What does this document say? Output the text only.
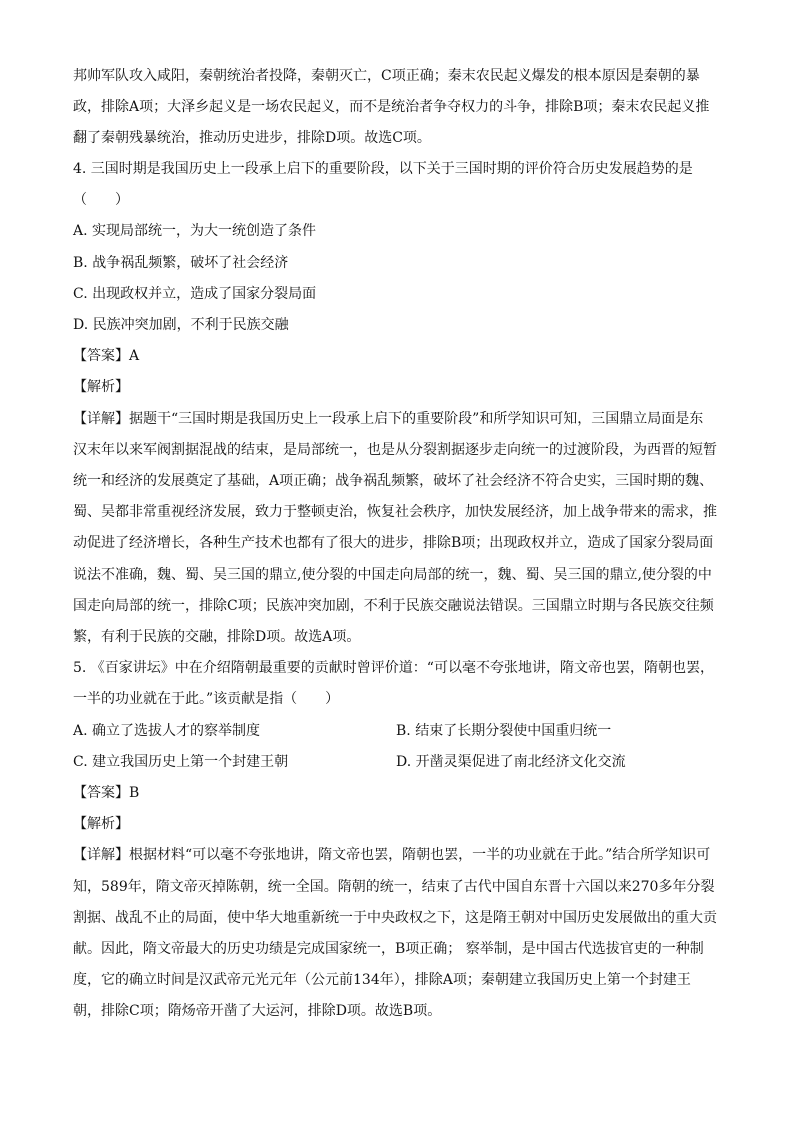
邦帅军队攻入咸阳，秦朝统治者投降，秦朝灭亡，C项正确；秦末农民起义爆发的根本原因是秦朝的暴
政，排除A项；大泽乡起义是一场农民起义，而不是统治者争夺权力的斗争，排除B项；秦末农民起义推
翻了秦朝残暴统治，推动历史进步，排除D项。故选C项。
4. 三国时期是我国历史上一段承上启下的重要阶段，以下关于三国时期的评价符合历史发展趋势的是
（　　）
A. 实现局部统一，为大一统创造了条件
B. 战争祸乱频繁，破坏了社会经济
C. 出现政权并立，造成了国家分裂局面
D. 民族冲突加剧，不利于民族交融
【答案】A
【解析】
【详解】据题干“三国时期是我国历史上一段承上启下的重要阶段”和所学知识可知，三国鼎立局面是东
汉末年以来军阀割据混战的结束，是局部统一，也是从分裂割据逐步走向统一的过渡阶段，为西晋的短暂
统一和经济的发展奠定了基础，A项正确；战争祸乱频繁，破坏了社会经济不符合史实，三国时期的魏、
蜀、吴都非常重视经济发展，致力于整顿吏治，恢复社会秩序，加快发展经济，加上战争带来的需求，推
动促进了经济增长，各种生产技术也都有了很大的进步，排除B项；出现政权并立，造成了国家分裂局面
说法不准确，魏、蜀、吴三国的鼎立,使分裂的中国走向局部的统一，魏、蜀、吴三国的鼎立,使分裂的中
国走向局部的统一，排除C项；民族冲突加剧，不利于民族交融说法错误。三国鼎立时期与各民族交往频
繁，有利于民族的交融，排除D项。故选A项。
5. 《百家讲坛》中在介绍隋朝最重要的贡献时曾评价道：“可以毫不夸张地讲，隋文帝也罢，隋朝也罢，
一半的功业就在于此。”该贡献是指（　　）
A. 确立了选拔人才的察举制度	B. 结束了长期分裂使中国重归统一
C. 建立我国历史上第一个封建王朝	D. 开凿灵渠促进了南北经济文化交流
【答案】B
【解析】
【详解】根据材料“可以毫不夸张地讲，隋文帝也罢，隋朝也罢，一半的功业就在于此。”结合所学知识可
知，589年，隋文帝灭掉陈朝，统一全国。隋朝的统一，结束了古代中国自东晋十六国以来270多年分裂
割据、战乱不止的局面，使中华大地重新统一于中央政权之下，这是隋王朝对中国历史发展做出的重大贡
献。因此，隋文帝最大的历史功绩是完成国家统一，B项正确； 察举制，是中国古代选拔官吏的一种制
度，它的确立时间是汉武帝元光元年（公元前134年），排除A项；秦朝建立我国历史上第一个封建王
朝，排除C项；隋炀帝开凿了大运河，排除D项。故选B项。
